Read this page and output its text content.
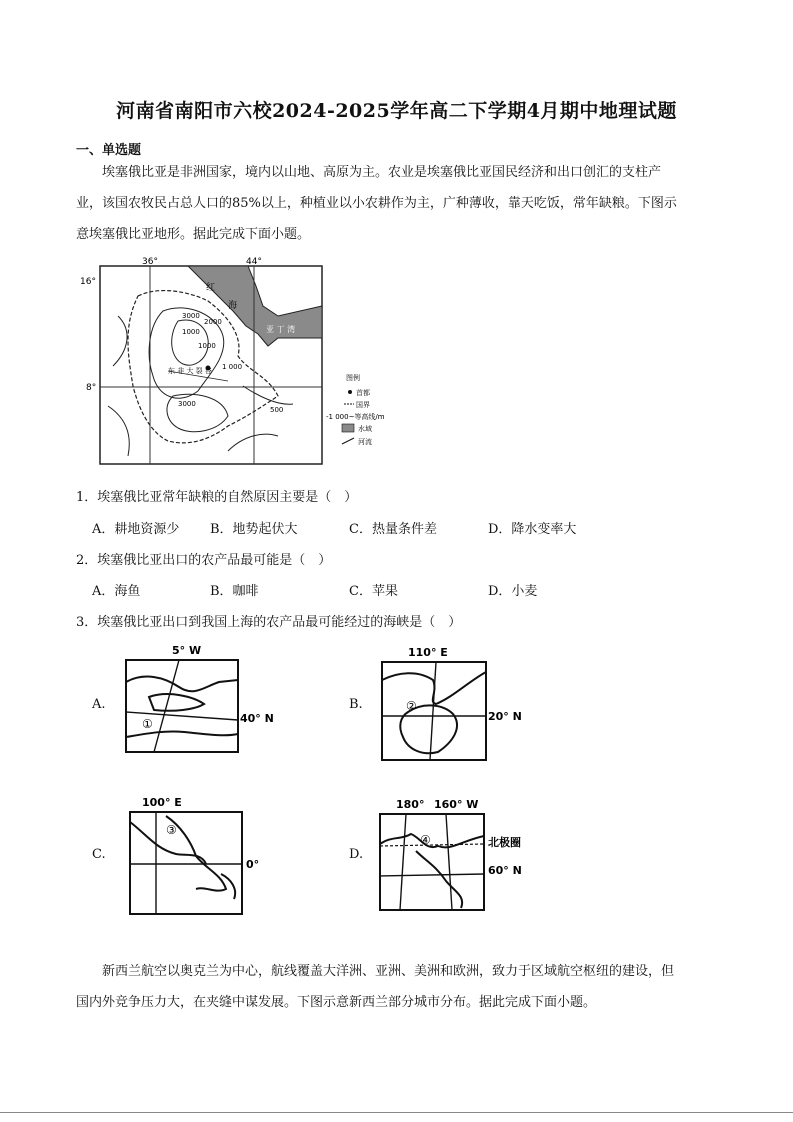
河南省南阳市六校2024-2025学年高二下学期4月期中地理试题
一、单选题
埃塞俄比亚是非洲国家，境内以山地、高原为主。农业是埃塞俄比亚国民经济和出口创汇的支柱产
业，该国农牧民占总人口的85%以上，种植业以小农耕作为主，广种薄收，靠天吃饭，常年缺粮。下图示
意埃塞俄比亚地形。据此完成下面小题。
36°	44°
16°
8°
红
海
亚 丁 湾
3000
2000
1000
1000
东 非 大 裂 谷 1 000
3000
500
图例
首都
国界
-1 000~等高线/m
水域
河流
1．埃塞俄比亚常年缺粮的自然原因主要是（　）
A．耕地资源少 B．地势起伏大	C．热量条件差	D．降水变率大
2．埃塞俄比亚出口的农产品最可能是（　）
A．海鱼	B．咖啡	C．苹果	D．小麦
3．埃塞俄比亚出口到我国上海的农产品最可能经过的海峡是（　）
A.
5° W
①	40° N
B.
110° E
②
20° N
C.
100° E
③
0°
D.
180° 160° W
④	北极圈
60° N
新西兰航空以奥克兰为中心，航线覆盖大洋洲、亚洲、美洲和欧洲，致力于区域航空枢纽的建设，但
国内外竞争压力大，在夹缝中谋发展。下图示意新西兰部分城市分布。据此完成下面小题。
